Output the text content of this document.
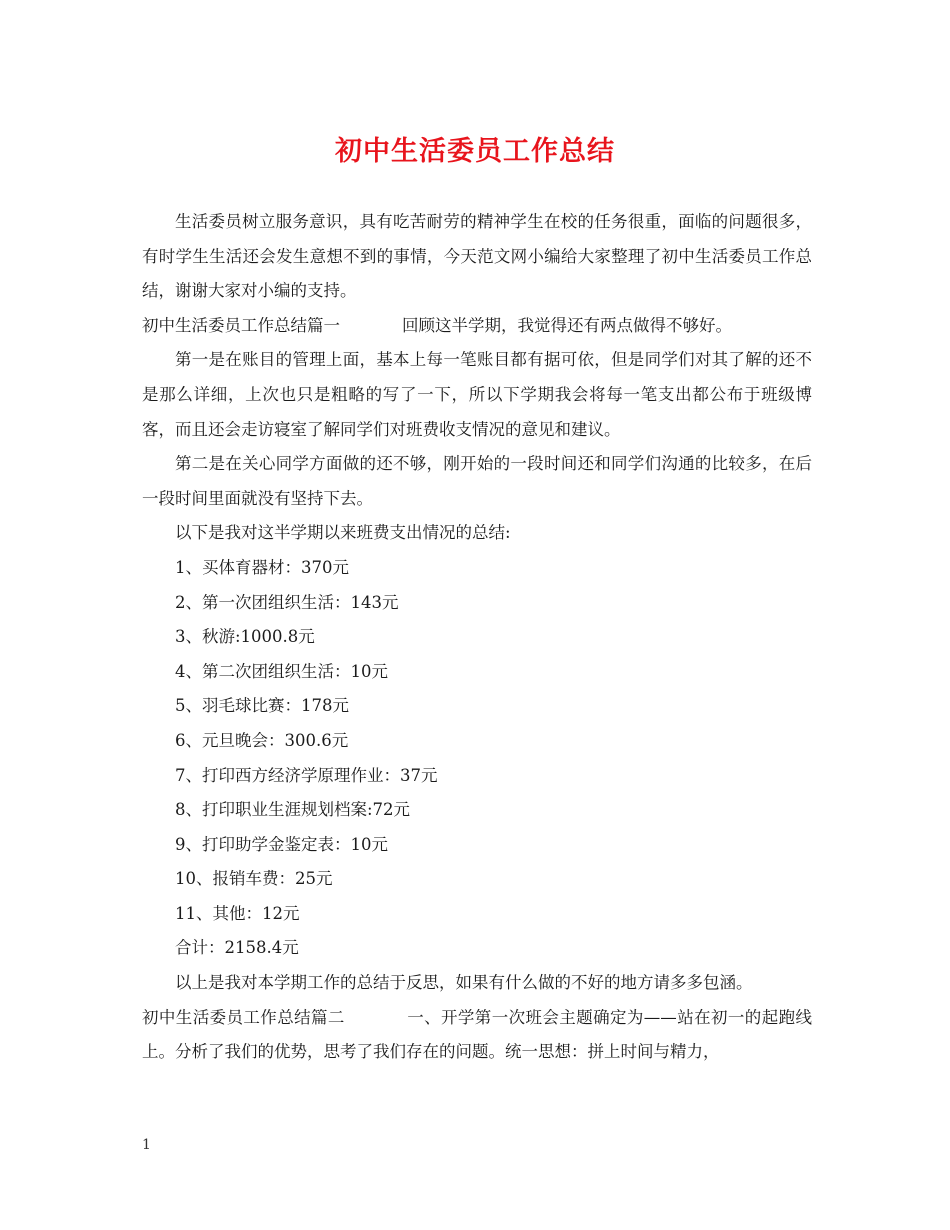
初中生活委员工作总结

生活委员树立服务意识，具有吃苦耐劳的精神学生在校的任务很重，面临的问题很多，有时学生生活还会发生意想不到的事情，今天范文网小编给大家整理了初中生活委员工作总结，谢谢大家对小编的支持。

初中生活委员工作总结篇一	回顾这半学期，我觉得还有两点做得不够好。

第一是在账目的管理上面，基本上每一笔账目都有据可依，但是同学们对其了解的还不是那么详细，上次也只是粗略的写了一下，所以下学期我会将每一笔支出都公布于班级博客，而且还会走访寝室了解同学们对班费收支情况的意见和建议。

第二是在关心同学方面做的还不够，刚开始的一段时间还和同学们沟通的比较多，在后一段时间里面就没有坚持下去。

以下是我对这半学期以来班费支出情况的总结:

1、买体育器材：370元

2、第一次团组织生活：143元

3、秋游:1000.8元

4、第二次团组织生活：10元

5、羽毛球比赛：178元

6、元旦晚会：300.6元

7、打印西方经济学原理作业：37元

8、打印职业生涯规划档案:72元

9、打印助学金鉴定表：10元

10、报销车费：25元

11、其他：12元

合计：2158.4元

以上是我对本学期工作的总结于反思，如果有什么做的不好的地方请多多包涵。

初中生活委员工作总结篇二	一、开学第一次班会主题确定为——站在初一的起跑线上。分析了我们的优势，思考了我们存在的问题。统一思想：拼上时间与精力，

1
